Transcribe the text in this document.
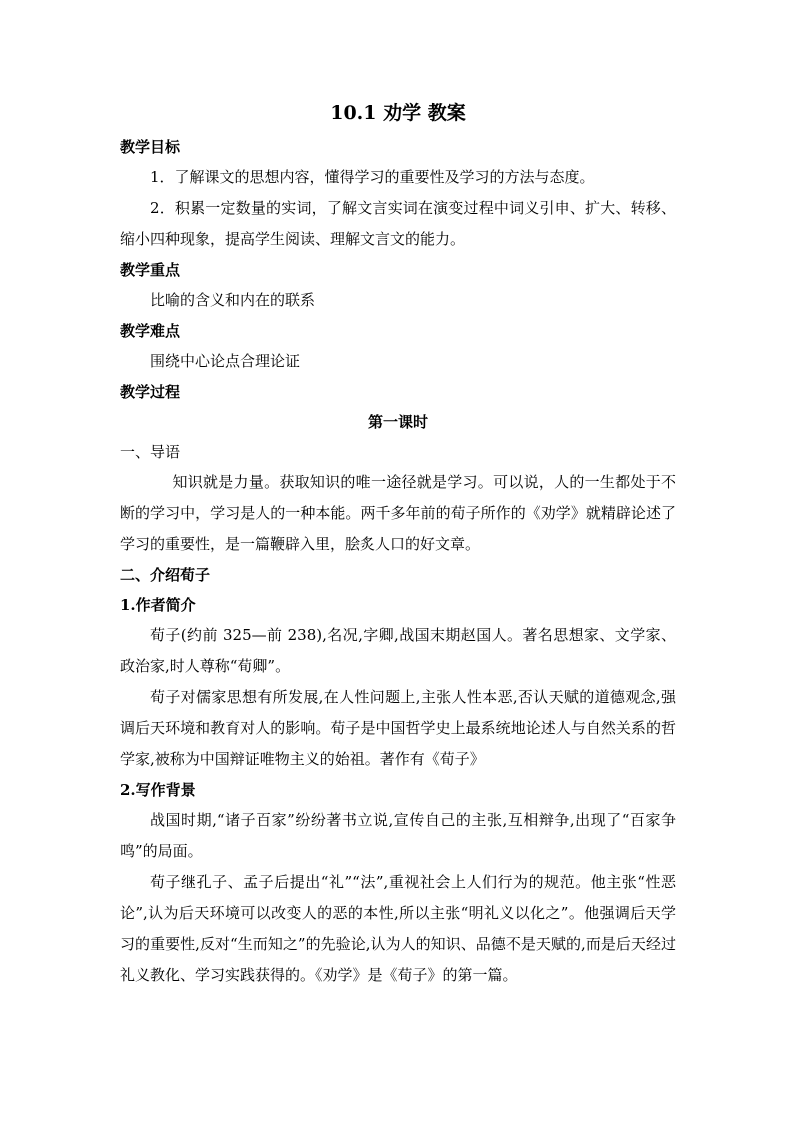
10.1 劝学 教案

教学目标

1．了解课文的思想内容，懂得学习的重要性及学习的方法与态度。

2．积累一定数量的实词，了解文言实词在演变过程中词义引申、扩大、转移、缩小四种现象，提高学生阅读、理解文言文的能力。

教学重点

比喻的含义和内在的联系

教学难点

围绕中心论点合理论证

教学过程

第一课时

一、导语

知识就是力量。获取知识的唯一途径就是学习。可以说，人的一生都处于不断的学习中，学习是人的一种本能。两千多年前的荀子所作的《劝学》就精辟论述了学习的重要性，是一篇鞭辟入里，脍炙人口的好文章。

二、介绍荀子

1.作者简介

荀子(约前 325—前 238),名况,字卿,战国末期赵国人。著名思想家、文学家、政治家,时人尊称“荀卿”。

荀子对儒家思想有所发展,在人性问题上,主张人性本恶,否认天赋的道德观念,强调后天环境和教育对人的影响。荀子是中国哲学史上最系统地论述人与自然关系的哲学家,被称为中国辩证唯物主义的始祖。著作有《荀子》

2.写作背景

战国时期,“诸子百家”纷纷著书立说,宣传自己的主张,互相辩争,出现了“百家争鸣”的局面。

荀子继孔子、孟子后提出“礼”“法”,重视社会上人们行为的规范。他主张“性恶论”,认为后天环境可以改变人的恶的本性,所以主张“明礼义以化之”。他强调后天学习的重要性,反对“生而知之”的先验论,认为人的知识、品德不是天赋的,而是后天经过礼义教化、学习实践获得的。《劝学》是《荀子》的第一篇。
